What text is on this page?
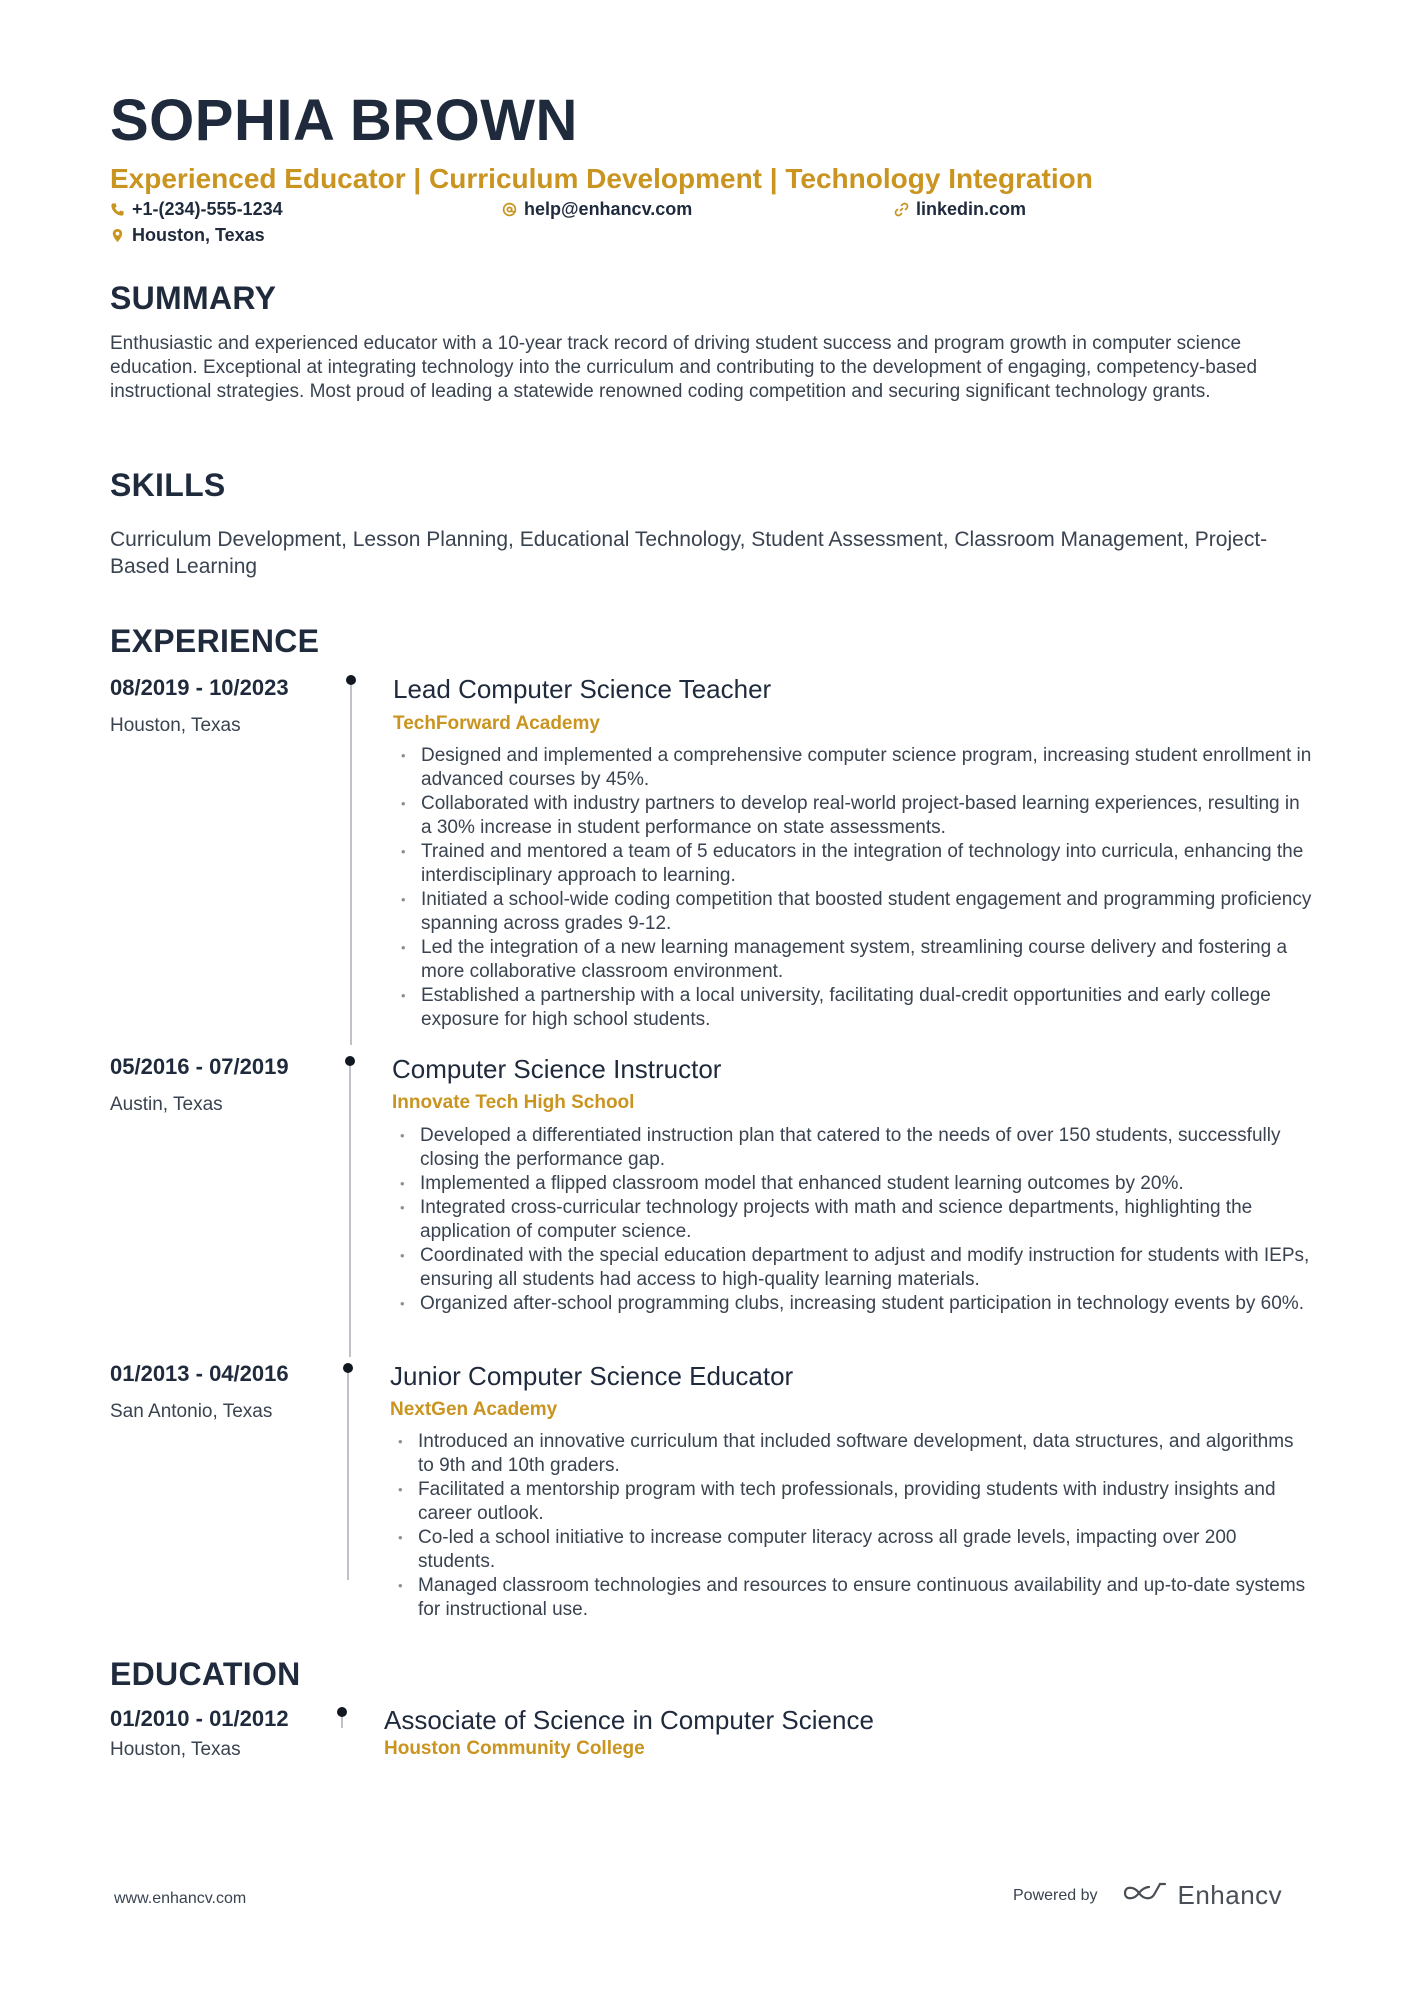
SOPHIA BROWN
Experienced Educator | Curriculum Development | Technology Integration
+1-(234)-555-1234	help@enhancv.com	linkedin.com
Houston, Texas
SUMMARY
Enthusiastic and experienced educator with a 10-year track record of driving student success and program growth in computer science education. Exceptional at integrating technology into the curriculum and contributing to the development of engaging, competency-based instructional strategies. Most proud of leading a statewide renowned coding competition and securing significant technology grants.
SKILLS
Curriculum Development, Lesson Planning, Educational Technology, Student Assessment, Classroom Management, Project-Based Learning
EXPERIENCE
08/2019 - 10/2023
Houston, Texas
Lead Computer Science Teacher
TechForward Academy
• Designed and implemented a comprehensive computer science program, increasing student enrollment in advanced courses by 45%.
• Collaborated with industry partners to develop real-world project-based learning experiences, resulting in a 30% increase in student performance on state assessments.
• Trained and mentored a team of 5 educators in the integration of technology into curricula, enhancing the interdisciplinary approach to learning.
• Initiated a school-wide coding competition that boosted student engagement and programming proficiency spanning across grades 9-12.
• Led the integration of a new learning management system, streamlining course delivery and fostering a more collaborative classroom environment.
• Established a partnership with a local university, facilitating dual-credit opportunities and early college exposure for high school students.
05/2016 - 07/2019
Austin, Texas
Computer Science Instructor
Innovate Tech High School
• Developed a differentiated instruction plan that catered to the needs of over 150 students, successfully closing the performance gap.
• Implemented a flipped classroom model that enhanced student learning outcomes by 20%.
• Integrated cross-curricular technology projects with math and science departments, highlighting the application of computer science.
• Coordinated with the special education department to adjust and modify instruction for students with IEPs, ensuring all students had access to high-quality learning materials.
• Organized after-school programming clubs, increasing student participation in technology events by 60%.
01/2013 - 04/2016
San Antonio, Texas
Junior Computer Science Educator
NextGen Academy
• Introduced an innovative curriculum that included software development, data structures, and algorithms to 9th and 10th graders.
• Facilitated a mentorship program with tech professionals, providing students with industry insights and career outlook.
• Co-led a school initiative to increase computer literacy across all grade levels, impacting over 200 students.
• Managed classroom technologies and resources to ensure continuous availability and up-to-date systems for instructional use.
EDUCATION
01/2010 - 01/2012
Houston, Texas
Associate of Science in Computer Science
Houston Community College
www.enhancv.com	Powered by	Enhancv
